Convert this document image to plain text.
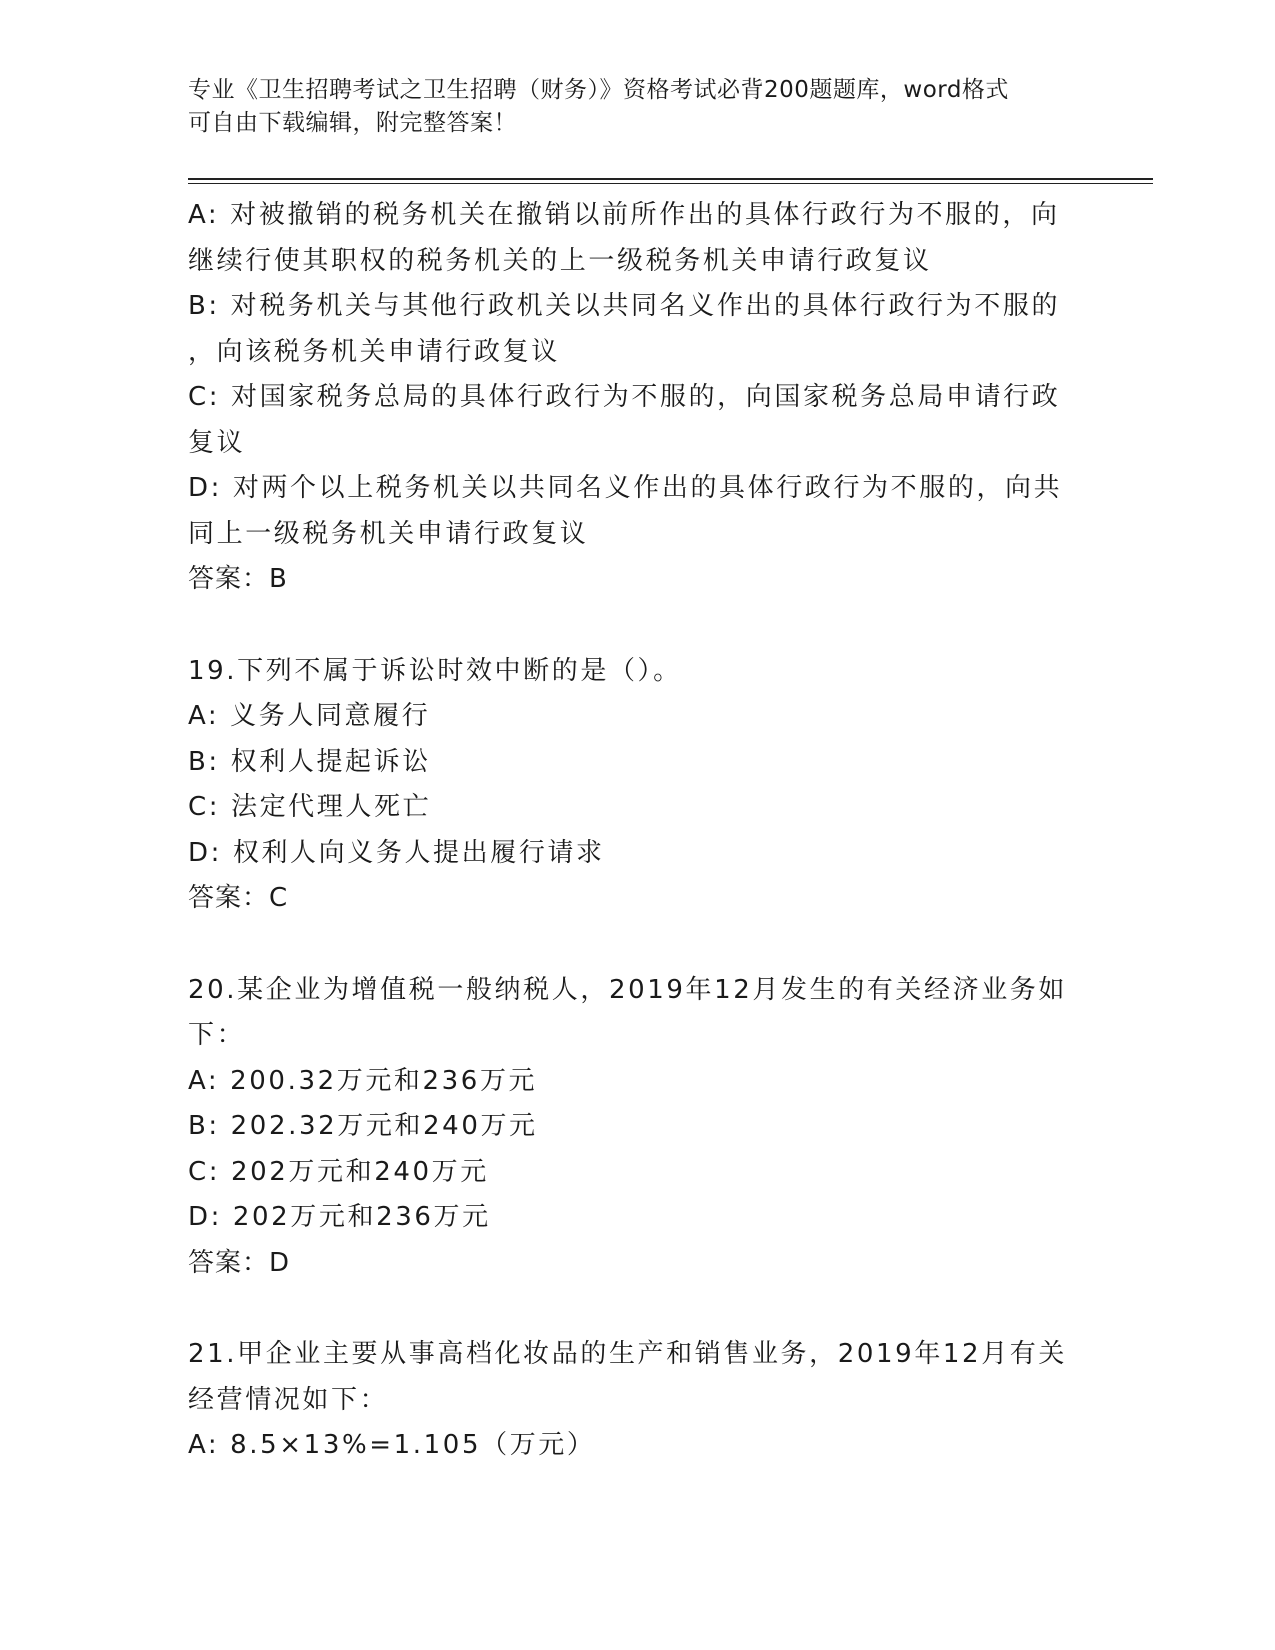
专业《卫生招聘考试之卫生招聘（财务）》资格考试必背200题题库，word格式
可自由下载编辑，附完整答案！

A: 对被撤销的税务机关在撤销以前所作出的具体行政行为不服的，向

继续行使其职权的税务机关的上一级税务机关申请行政复议

B: 对税务机关与其他行政机关以共同名义作出的具体行政行为不服的

，向该税务机关申请行政复议

C: 对国家税务总局的具体行政行为不服的，向国家税务总局申请行政

复议

D: 对两个以上税务机关以共同名义作出的具体行政行为不服的，向共

同上一级税务机关申请行政复议

答案：B

19.下列不属于诉讼时效中断的是（）。

A: 义务人同意履行

B: 权利人提起诉讼

C: 法定代理人死亡

D: 权利人向义务人提出履行请求

答案：C

20.某企业为增值税一般纳税人，2019年12月发生的有关经济业务如

下：

A: 200.32万元和236万元

B: 202.32万元和240万元

C: 202万元和240万元

D: 202万元和236万元

答案：D

21.甲企业主要从事高档化妆品的生产和销售业务，2019年12月有关

经营情况如下：

A: 8.5×13%=1.105（万元）
